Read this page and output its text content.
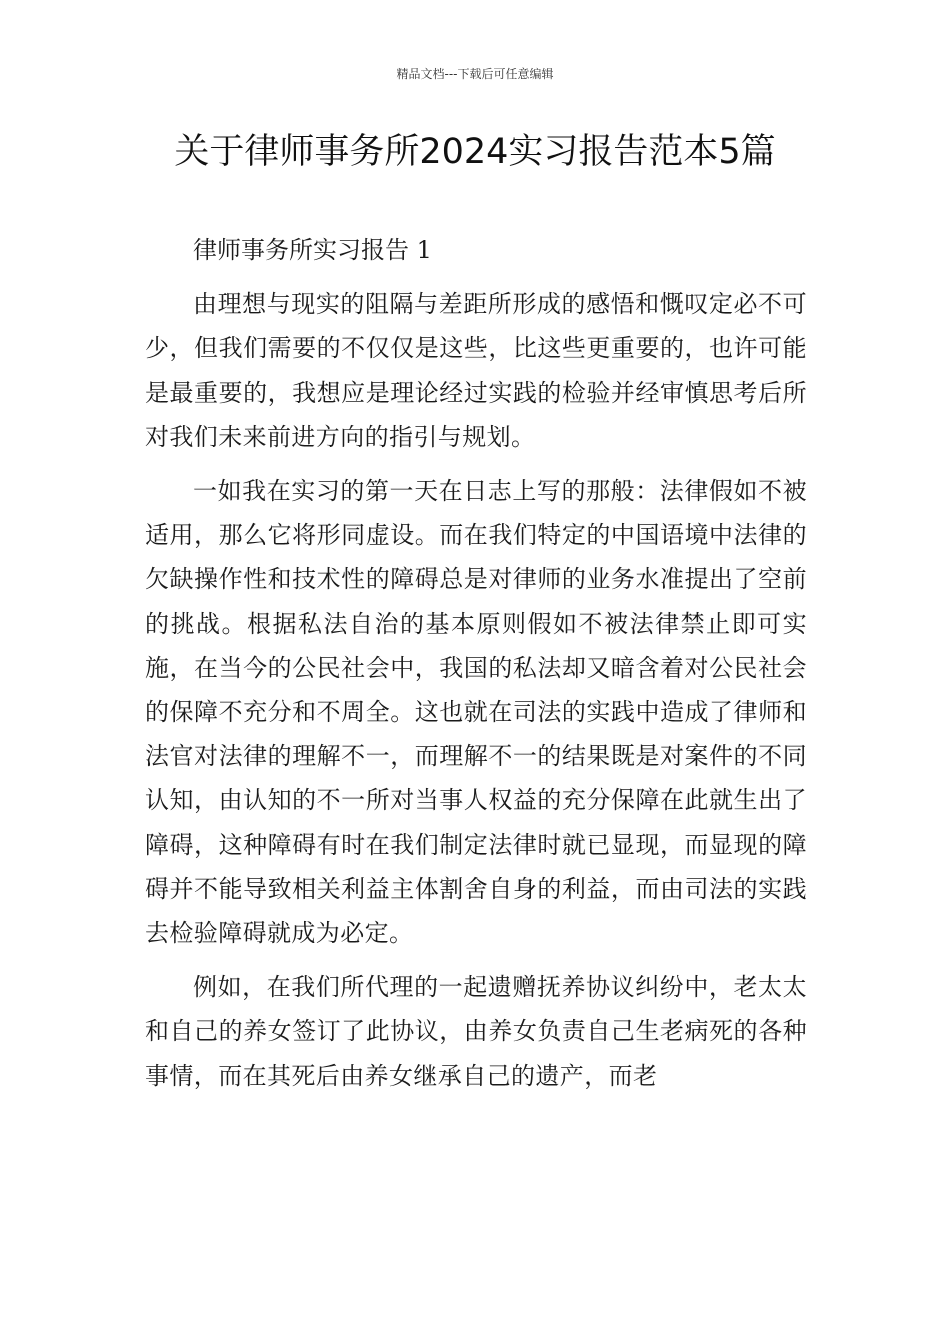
精品文档---下载后可任意编辑
关于律师事务所2024实习报告范本5篇

律师事务所实习报告 1

由理想与现实的阻隔与差距所形成的感悟和慨叹定必不可少，但我们需要的不仅仅是这些，比这些更重要的，也许可能是最重要的，我想应是理论经过实践的检验并经审慎思考后所对我们未来前进方向的指引与规划。

一如我在实习的第一天在日志上写的那般：法律假如不被适用，那么它将形同虚设。而在我们特定的中国语境中法律的欠缺操作性和技术性的障碍总是对律师的业务水准提出了空前的挑战。根据私法自治的基本原则假如不被法律禁止即可实施，在当今的公民社会中，我国的私法却又暗含着对公民社会的保障不充分和不周全。这也就在司法的实践中造成了律师和法官对法律的理解不一，而理解不一的结果既是对案件的不同认知，由认知的不一所对当事人权益的充分保障在此就生出了障碍，这种障碍有时在我们制定法律时就已显现，而显现的障碍并不能导致相关利益主体割舍自身的利益，而由司法的实践去检验障碍就成为必定。

例如，在我们所代理的一起遗赠抚养协议纠纷中，老太太和自己的养女签订了此协议，由养女负责自己生老病死的各种事情，而在其死后由养女继承自己的遗产，而老
